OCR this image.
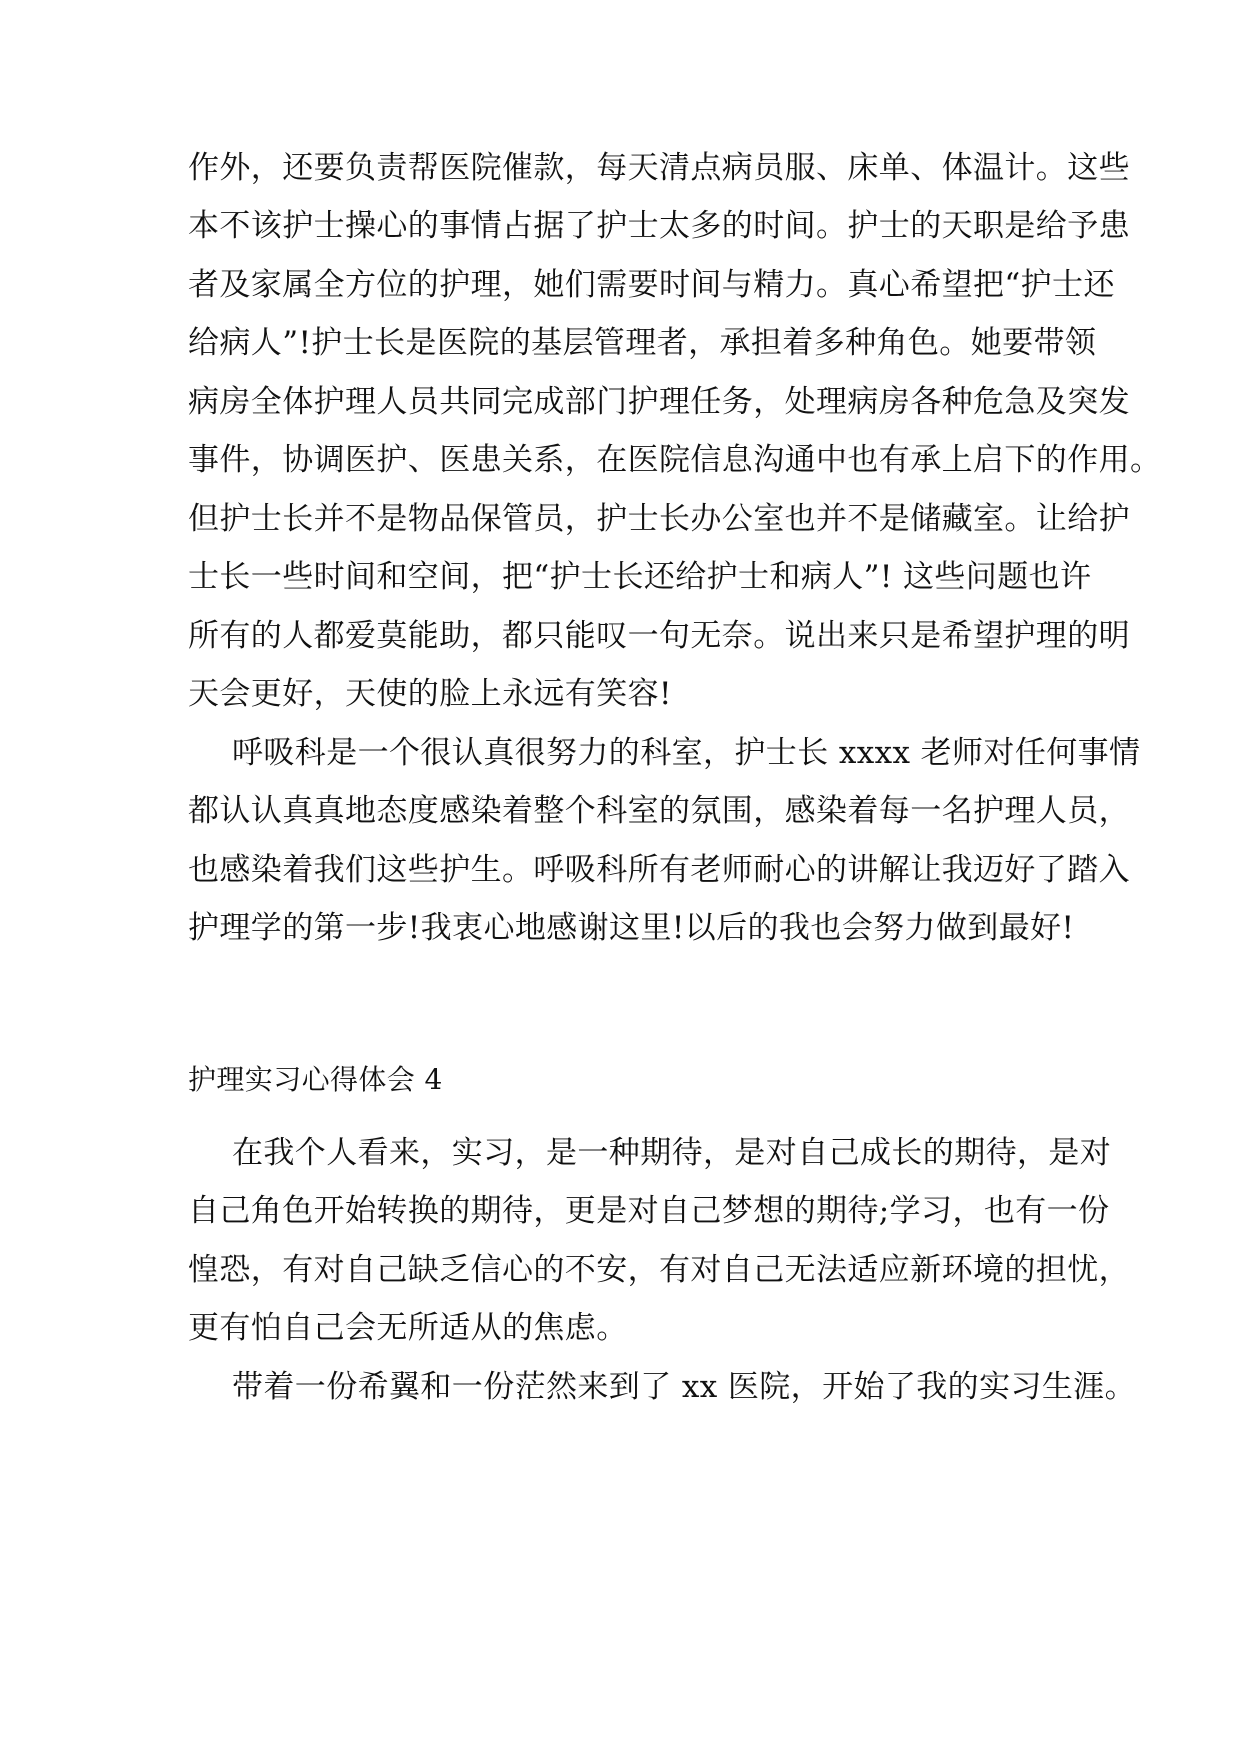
作外，还要负责帮医院催款，每天清点病员服、床单、体温计。这些
本不该护士操心的事情占据了护士太多的时间。护士的天职是给予患
者及家属全方位的护理，她们需要时间与精力。真心希望把“护士还
给病人”!护士长是医院的基层管理者，承担着多种角色。她要带领
病房全体护理人员共同完成部门护理任务，处理病房各种危急及突发
事件，协调医护、医患关系，在医院信息沟通中也有承上启下的作用。
但护士长并不是物品保管员，护士长办公室也并不是储藏室。让给护
士长一些时间和空间，把“护士长还给护士和病人”! 这些问题也许
所有的人都爱莫能助，都只能叹一句无奈。说出来只是希望护理的明
天会更好，天使的脸上永远有笑容!
呼吸科是一个很认真很努力的科室，护士长 xxxx 老师对任何事情
都认认真真地态度感染着整个科室的氛围，感染着每一名护理人员，
也感染着我们这些护生。呼吸科所有老师耐心的讲解让我迈好了踏入
护理学的第一步!我衷心地感谢这里!以后的我也会努力做到最好!
护理实习心得体会 4
在我个人看来，实习，是一种期待，是对自己成长的期待，是对
自己角色开始转换的期待，更是对自己梦想的期待;学习，也有一份
惶恐，有对自己缺乏信心的不安，有对自己无法适应新环境的担忧，
更有怕自己会无所适从的焦虑。
带着一份希翼和一份茫然来到了 xx 医院，开始了我的实习生涯。
